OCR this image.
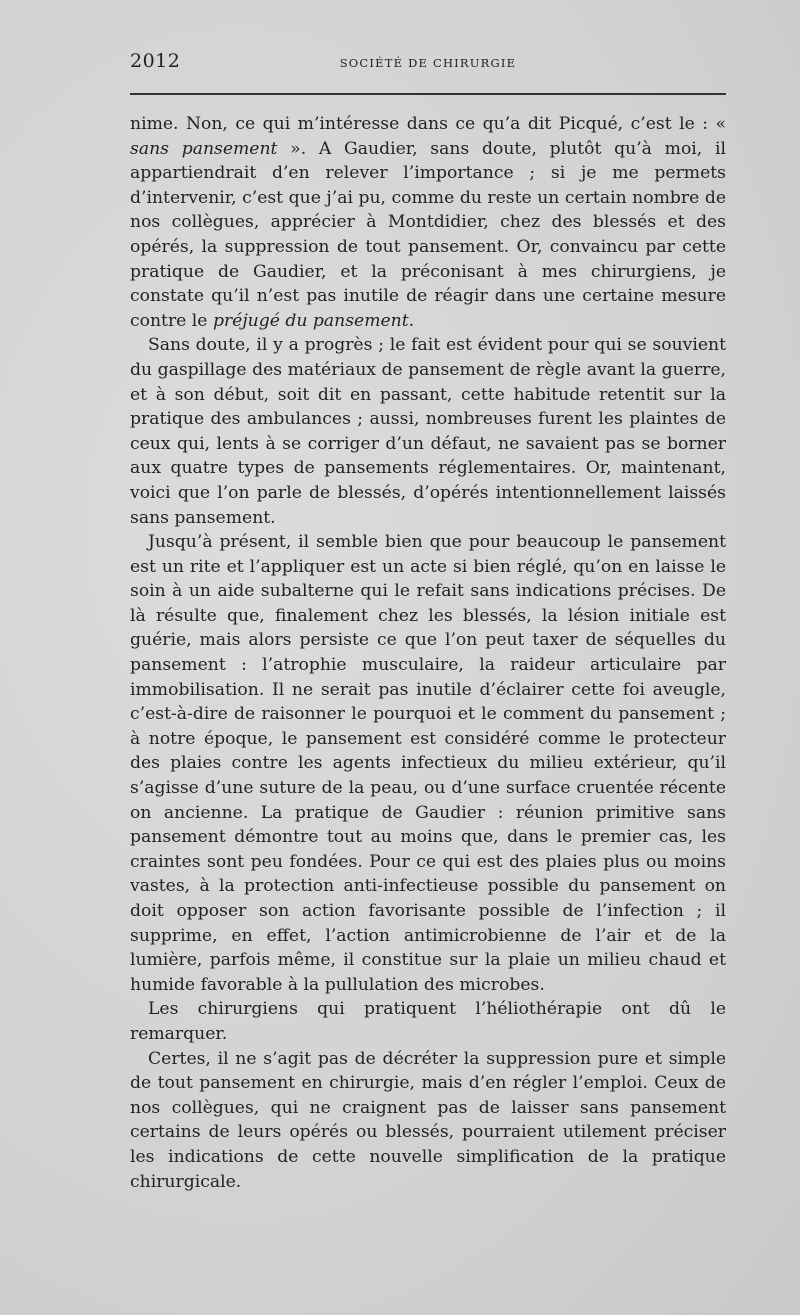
2012	SOCIÉTÉ DE CHIRURGIE

nime. Non, ce qui m’intéresse dans ce qu’a dit Picqué, c’est le : « sans pansement ». A Gaudier, sans doute, plutôt qu’à moi, il appartiendrait d’en relever l’importance ; si je me permets d’intervenir, c’est que j’ai pu, comme du reste un certain nombre de nos collègues, apprécier à Montdidier, chez des blessés et des opérés, la suppression de tout pansement. Or, convaincu par cette pratique de Gaudier, et la préconisant à mes chirurgiens, je constate qu’il n’est pas inutile de réagir dans une certaine mesure contre le préjugé du pansement.

Sans doute, il y a progrès ; le fait est évident pour qui se souvient du gaspillage des matériaux de pansement de règle avant la guerre, et à son début, soit dit en passant, cette habitude retentit sur la pratique des ambulances ; aussi, nombreuses furent les plaintes de ceux qui, lents à se corriger d’un défaut, ne savaient pas se borner aux quatre types de pansements réglementaires. Or, maintenant, voici que l’on parle de blessés, d’opérés intentionnellement laissés sans pansement.

Jusqu’à présent, il semble bien que pour beaucoup le pansement est un rite et l’appliquer est un acte si bien réglé, qu’on en laisse le soin à un aide subalterne qui le refait sans indications précises. De là résulte que, finalement chez les blessés, la lésion initiale est guérie, mais alors persiste ce que l’on peut taxer de séquelles du pansement : l’atrophie musculaire, la raideur articulaire par immobilisation. Il ne serait pas inutile d’éclairer cette foi aveugle, c’est-à-dire de raisonner le pourquoi et le comment du pansement ; à notre époque, le pansement est considéré comme le protecteur des plaies contre les agents infectieux du milieu extérieur, qu’il s’agisse d’une suture de la peau, ou d’une surface cruentée récente on ancienne. La pratique de Gaudier : réunion primitive sans pansement démontre tout au moins que, dans le premier cas, les craintes sont peu fondées. Pour ce qui est des plaies plus ou moins vastes, à la protection anti-infectieuse possible du pansement on doit opposer son action favorisante possible de l’infection ; il supprime, en effet, l’action antimicrobienne de l’air et de la lumière, parfois même, il constitue sur la plaie un milieu chaud et humide favorable à la pullulation des microbes.

Les chirurgiens qui pratiquent l’héliothérapie ont dû le remarquer.

Certes, il ne s’agit pas de décréter la suppression pure et simple de tout pansement en chirurgie, mais d’en régler l’emploi. Ceux de nos collègues, qui ne craignent pas de laisser sans pansement certains de leurs opérés ou blessés, pourraient utilement préciser les indications de cette nouvelle simplification de la pratique chirurgicale.
